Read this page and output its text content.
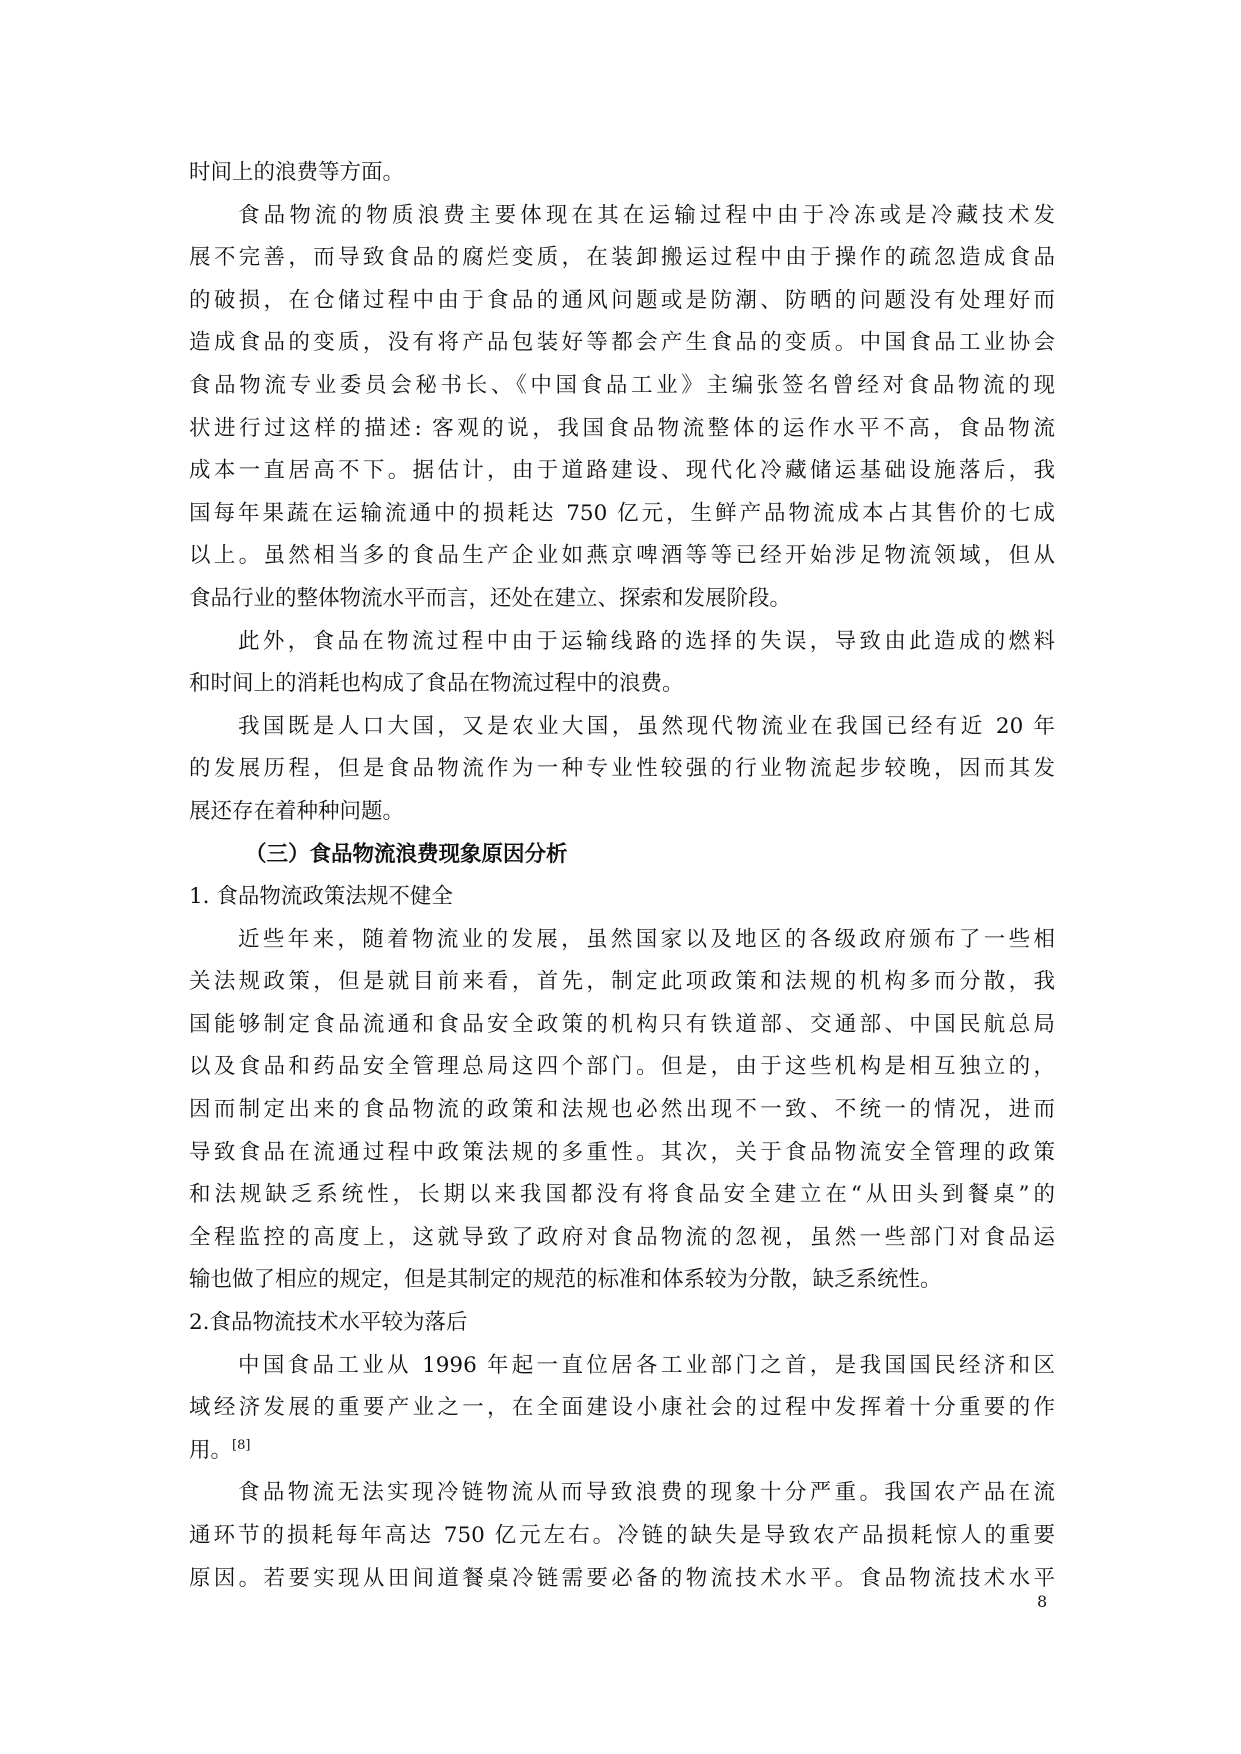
时间上的浪费等方面。
食品物流的物质浪费主要体现在其在运输过程中由于冷冻或是冷藏技术发
展不完善，而导致食品的腐烂变质，在装卸搬运过程中由于操作的疏忽造成食品
的破损，在仓储过程中由于食品的通风问题或是防潮、防晒的问题没有处理好而
造成食品的变质，没有将产品包装好等都会产生食品的变质。中国食品工业协会
食品物流专业委员会秘书长、《中国食品工业》主编张签名曾经对食品物流的现
状进行过这样的描述: 客观的说，我国食品物流整体的运作水平不高，食品物流
成本一直居高不下。据估计，由于道路建设、现代化冷藏储运基础设施落后，我
国每年果蔬在运输流通中的损耗达 750 亿元，生鲜产品物流成本占其售价的七成
以上。虽然相当多的食品生产企业如燕京啤酒等等已经开始涉足物流领域，但从
食品行业的整体物流水平而言，还处在建立、探索和发展阶段。
此外，食品在物流过程中由于运输线路的选择的失误，导致由此造成的燃料
和时间上的消耗也构成了食品在物流过程中的浪费。
我国既是人口大国，又是农业大国，虽然现代物流业在我国已经有近 20 年
的发展历程，但是食品物流作为一种专业性较强的行业物流起步较晚，因而其发
展还存在着种种问题。
（三）食品物流浪费现象原因分析
1. 食品物流政策法规不健全
近些年来，随着物流业的发展，虽然国家以及地区的各级政府颁布了一些相
关法规政策，但是就目前来看，首先，制定此项政策和法规的机构多而分散，我
国能够制定食品流通和食品安全政策的机构只有铁道部、交通部、中国民航总局
以及食品和药品安全管理总局这四个部门。但是，由于这些机构是相互独立的，
因而制定出来的食品物流的政策和法规也必然出现不一致、不统一的情况，进而
导致食品在流通过程中政策法规的多重性。其次，关于食品物流安全管理的政策
和法规缺乏系统性，长期以来我国都没有将食品安全建立在“从田头到餐桌”的
全程监控的高度上，这就导致了政府对食品物流的忽视，虽然一些部门对食品运
输也做了相应的规定，但是其制定的规范的标准和体系较为分散，缺乏系统性。
2.食品物流技术水平较为落后
中国食品工业从 1996 年起一直位居各工业部门之首，是我国国民经济和区
域经济发展的重要产业之一，在全面建设小康社会的过程中发挥着十分重要的作
用。[8]
食品物流无法实现冷链物流从而导致浪费的现象十分严重。我国农产品在流
通环节的损耗每年高达 750 亿元左右。冷链的缺失是导致农产品损耗惊人的重要
原因。若要实现从田间道餐桌冷链需要必备的物流技术水平。食品物流技术水平
8
